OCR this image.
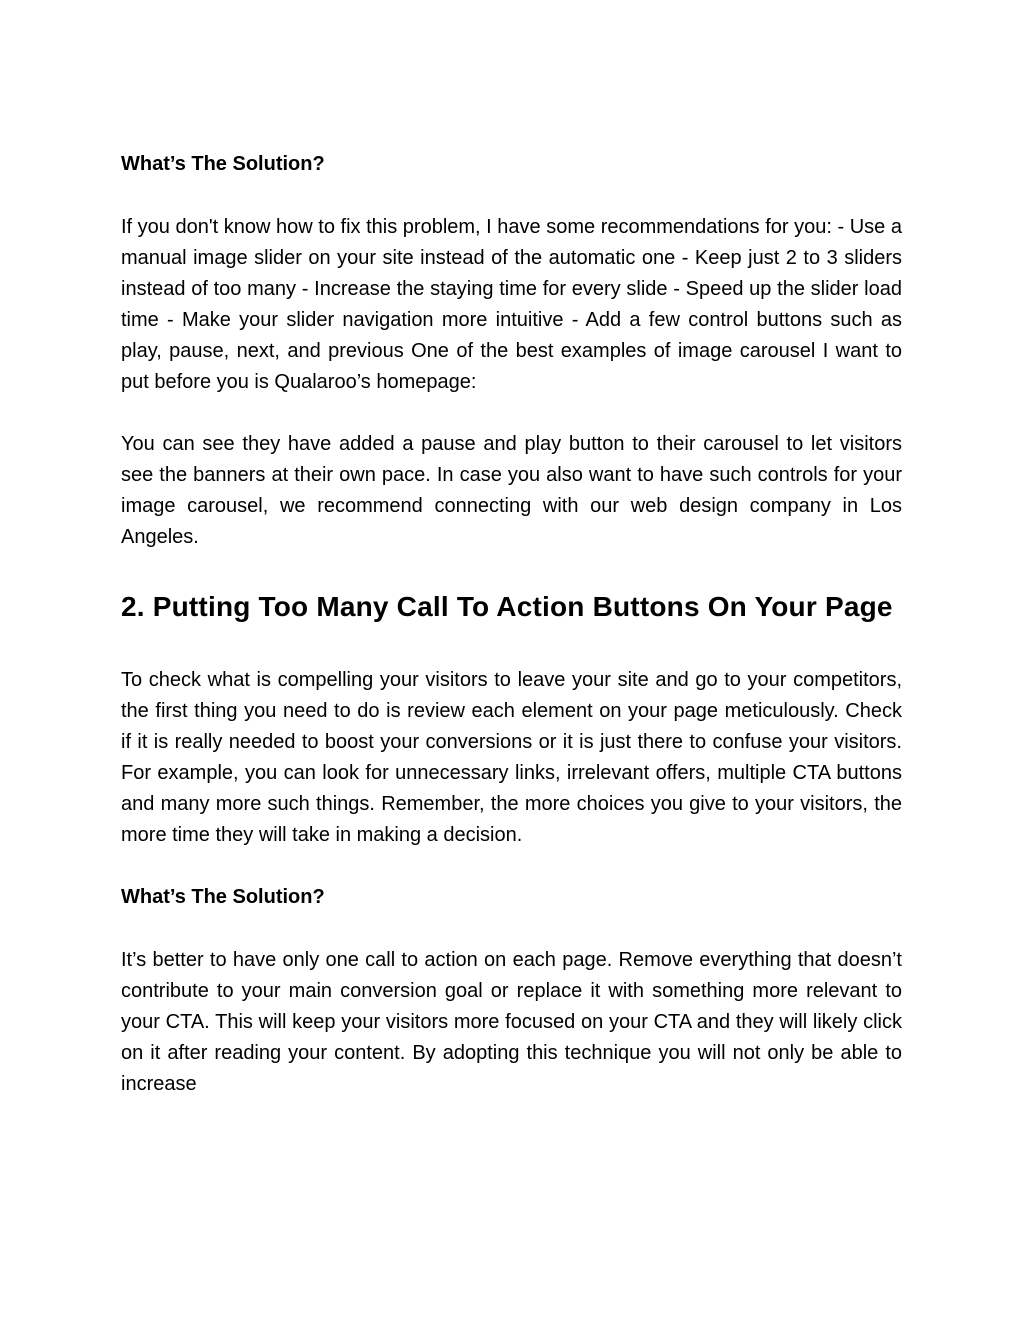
What’s The Solution?

If you don't know how to fix this problem, I have some recommendations for you: - Use a manual image slider on your site instead of the automatic one - Keep just 2 to 3 sliders instead of too many - Increase the staying time for every slide - Speed up the slider load time - Make your slider navigation more intuitive - Add a few control buttons such as play, pause, next, and previous One of the best examples of image carousel I want to put before you is Qualaroo’s homepage:

You can see they have added a pause and play button to their carousel to let visitors see the banners at their own pace. In case you also want to have such controls for your image carousel, we recommend connecting with our web design company in Los Angeles.

2. Putting Too Many Call To Action Buttons On Your Page

To check what is compelling your visitors to leave your site and go to your competitors, the first thing you need to do is review each element on your page meticulously. Check if it is really needed to boost your conversions or it is just there to confuse your visitors. For example, you can look for unnecessary links, irrelevant offers, multiple CTA buttons and many more such things. Remember, the more choices you give to your visitors, the more time they will take in making a decision.

What’s The Solution?

It’s better to have only one call to action on each page. Remove everything that doesn’t contribute to your main conversion goal or replace it with something more relevant to your CTA. This will keep your visitors more focused on your CTA and they will likely click on it after reading your content. By adopting this technique you will not only be able to increase
